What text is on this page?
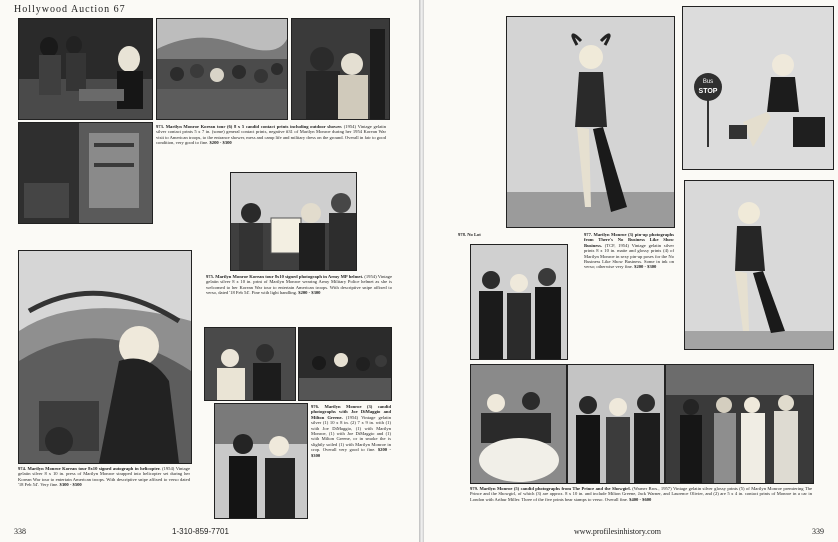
Hollywood Auction 67

973. Marilyn Monroe Korean tour (6) 8 x 5 candid contact prints including outdoor shower. (1954) Vintage gelatin silver contact prints 5 x 7 in. (some) general contact prints, negative #31 of Marilyn Monroe during her 1954 Korean War visit to American troops, to the entrance shower, mess and camp life and military dress on the ground. Overall in fair to good condition, very good to fine. $200 - $300

975. Marilyn Monroe Korean tour 8x10 signed photograph in Army MP helmet. (1954) Vintage gelatin silver 8 x 10 in. print of Marilyn Monroe wearing Army Military Police helmet as she is welcomed to her Korean War tour to entertain American troops. With descriptive snipe affixed to verso, dated '18 Feb 54'. Fine with light handling. $200 - $300

974. Marilyn Monroe Korean tour 8x10 signed autograph in helicopter. (1954) Vintage gelatin silver 8 x 10 in. press of Marilyn Monroe strapped into helicopter set during her Korean War tour to entertain American troops. With descriptive snipe affixed to verso dated '18 Feb 54'. Very fine. $300 - $500

976. Marilyn Monroe (3) candid photographs with Joe DiMaggio and Milton Greene. (1954) Vintage gelatin silver (1) 10 x 8 in. (2) 7 x 9 in. with (1) with Joe DiMaggio, (1) with Marilyn Monroe, (1) with Joe DiMaggio and (1) with Milton Greene, or in smoke the is slightly soiled (1) with Marilyn Monroe in crop. Overall very good to fine. $200 - $300

338	1-310-859-7701
Bus
STOP

977. Marilyn Monroe (3) pin-up photographs from There's No Business Like Show Business. (TCF, 1954) Vintage gelatin silver prints 8 x 10 in. matte and glossy prints (4) of Marilyn Monroe in sexy pin-up poses for the No Business Like Show Business. Some in ink on verso; otherwise very fine. $200 - $300

978. No Lot

979. Marilyn Monroe (5) candid photographs from The Prince and the Showgirl. (Warner Bros., 1957) Vintage gelatin silver glossy prints (5) of Marilyn Monroe premiering The Prince and the Showgirl, of which (3) are approx. 8 x 10 in. and include Milton Greene, Jack Warner, and Laurence Olivier, and (2) are 5 x 4 in. contact prints of Monroe in a car in London with Arthur Miller. Three of the five prints bear stamps to verso. Overall fine. $400 - $600

www.profilesinhistory.com	339
